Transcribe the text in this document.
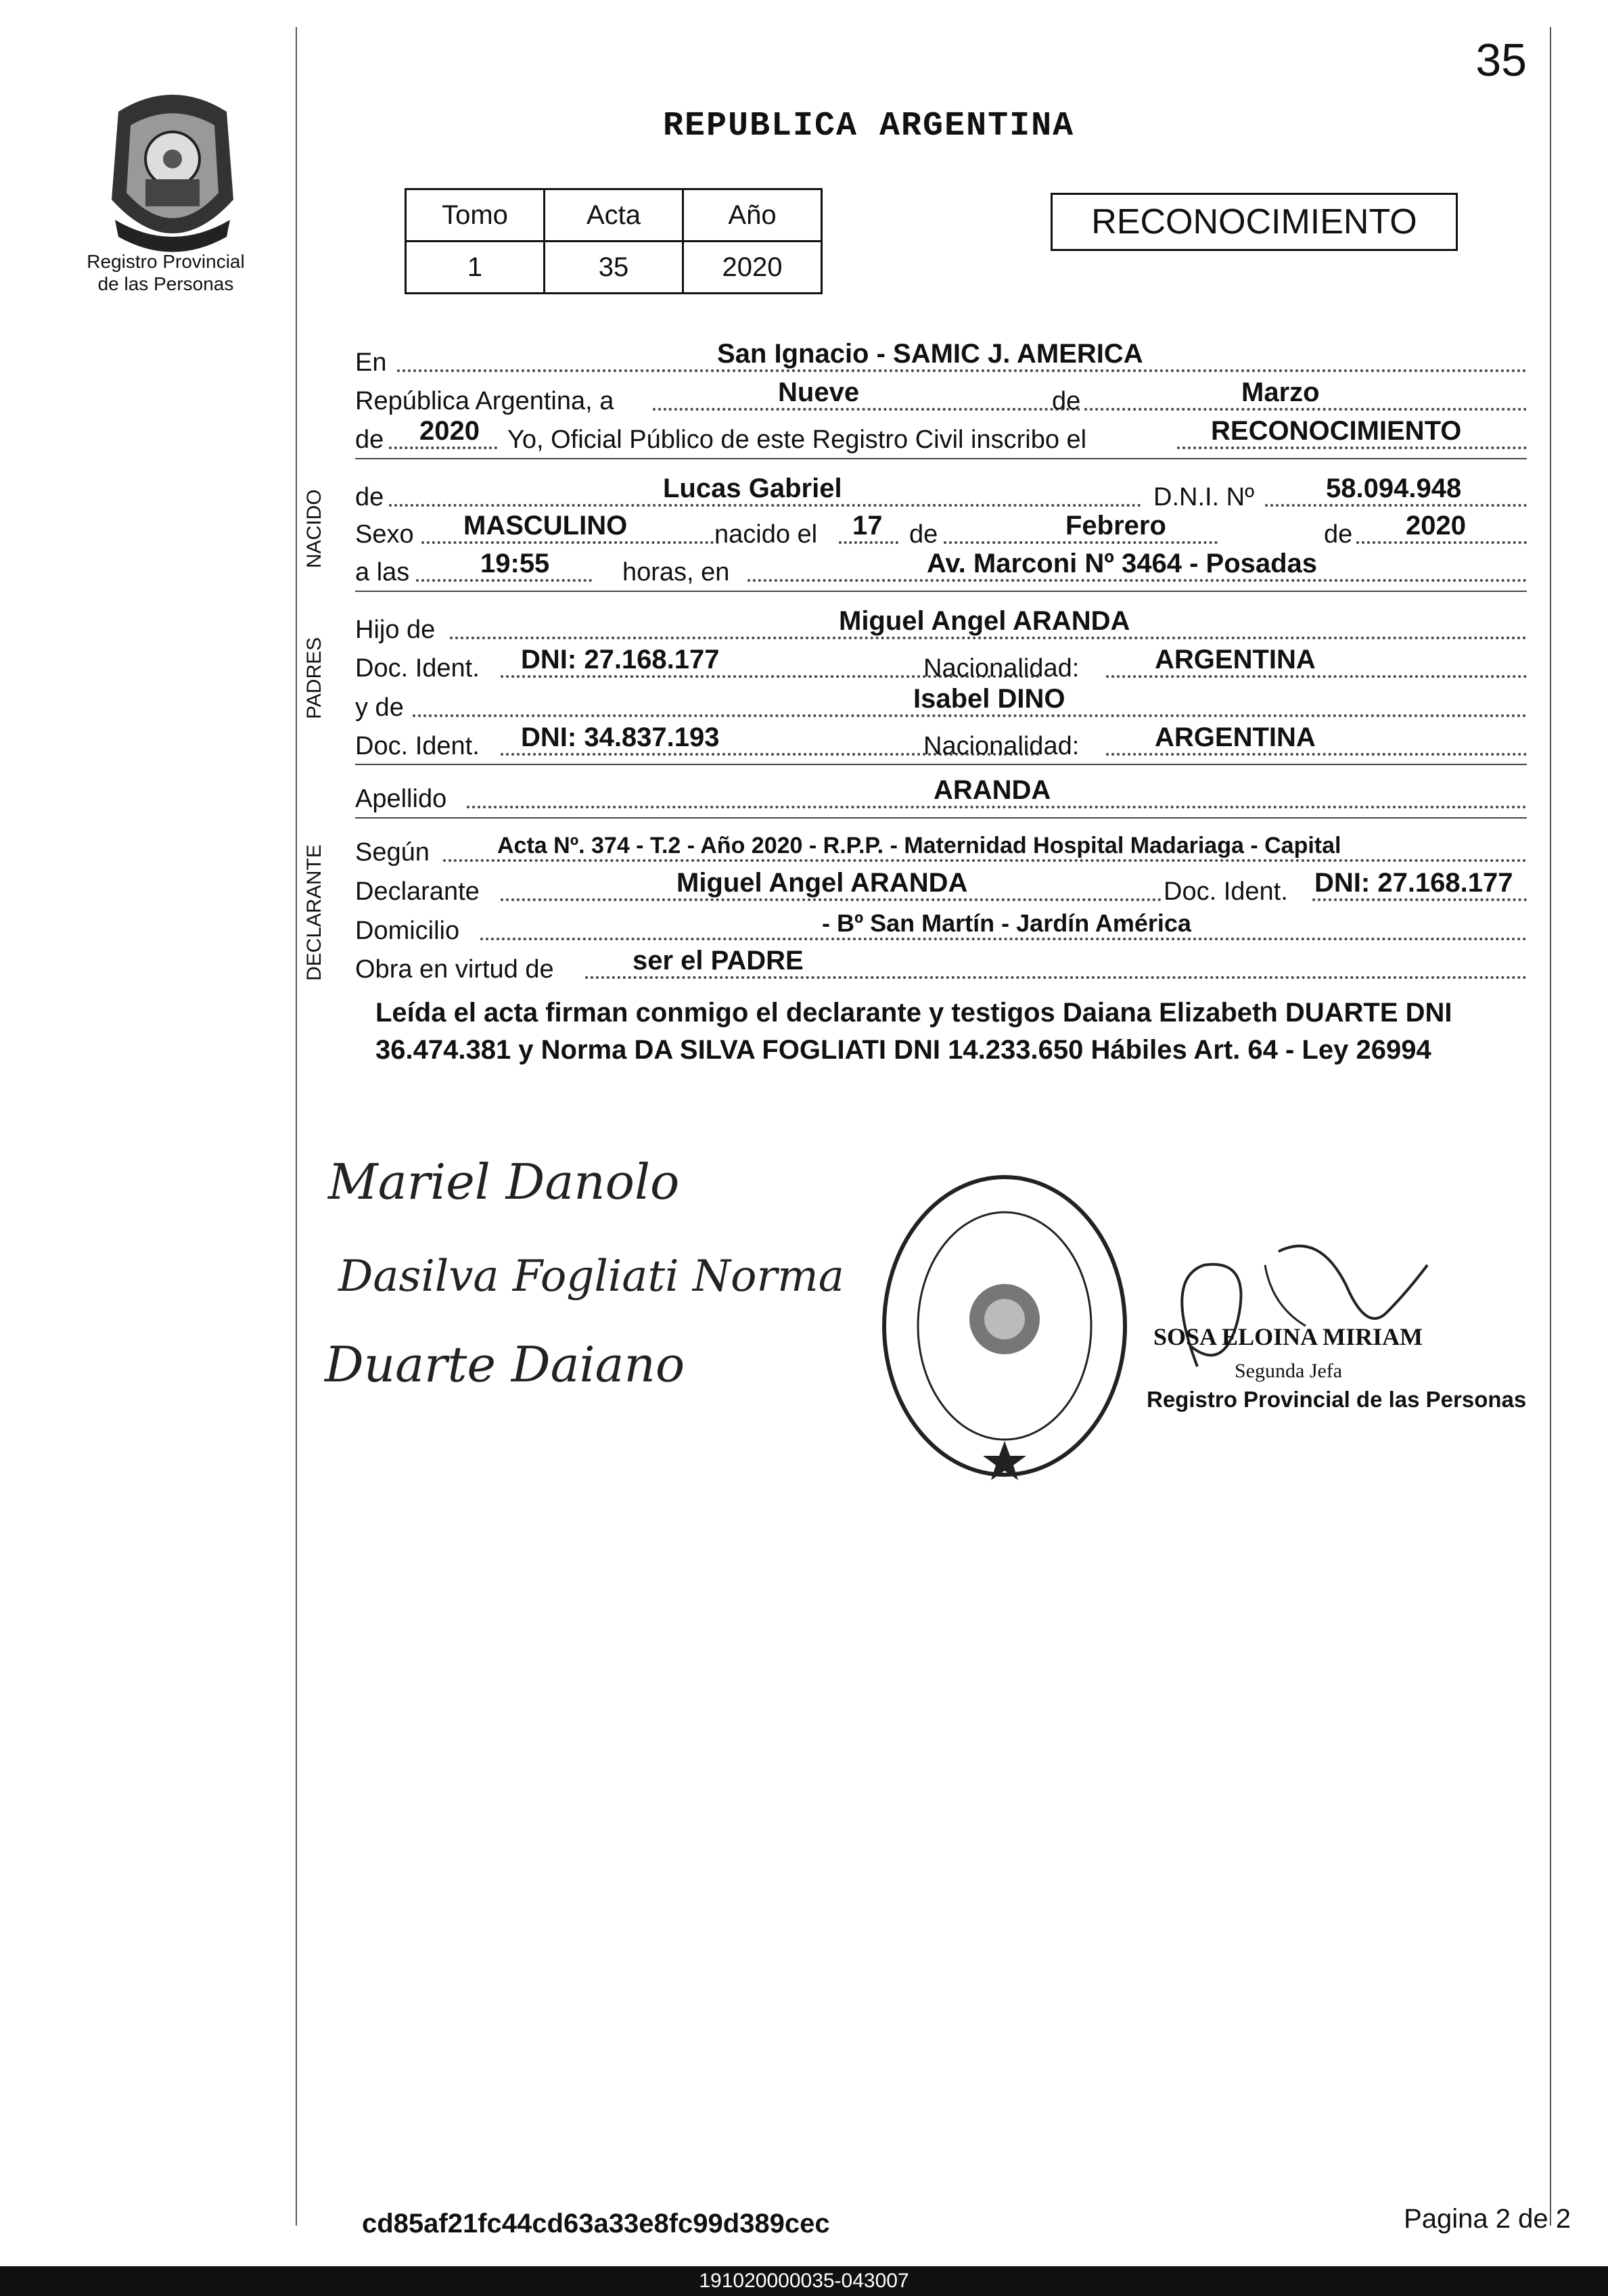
35
Registro Provincial
de las Personas
REPUBLICA ARGENTINA
Tomo	Acta	Año
1	35	2020
RECONOCIMIENTO
En	San Ignacio - SAMIC J. AMERICA
República Argentina, a	Nueve	de	Marzo
de 2020 Yo, Oficial Público de este Registro Civil inscribo el	RECONOCIMIENTO
NACIDO de	Lucas Gabriel	D.N.I. Nº	58.094.948
Sexo MASCULINO	nacido el 17 de	Febrero	de 2020
a las	19:55	horas, en	Av. Marconi Nº 3464 - Posadas
PADRES
Hijo de	Miguel Angel ARANDA
Doc. Ident. DNI: 27.168.177	Nacionalidad:	ARGENTINA
y de	Isabel DINO
Doc. Ident. DNI: 34.837.193	Nacionalidad:	ARGENTINA
Apellido	ARANDA
DECLARANTE Según	Acta Nº. 374 - T.2 - Año 2020 - R.P.P. - Maternidad Hospital Madariaga - Capital
Declarante	Miguel Angel ARANDA	Doc. Ident. DNI: 27.168.177
Domicilio	- Bº San Martín - Jardín América
Obra en virtud de	ser el PADRE
Leída el acta firman conmigo el declarante y testigos Daiana Elizabeth DUARTE DNI 36.474.381 y Norma DA SILVA FOGLIATI DNI 14.233.650 Hábiles Art. 64 - Ley 26994
Mariel Danolo
Dasilva Fogliati Norma
Duarte Daiano	SOSA ELOINA MIRIAM
Segunda Jefa
Registro Provincial de las Personas
cd85af21fc44cd63a33e8fc99d389cec	Pagina 2 de 2
191020000035-043007
